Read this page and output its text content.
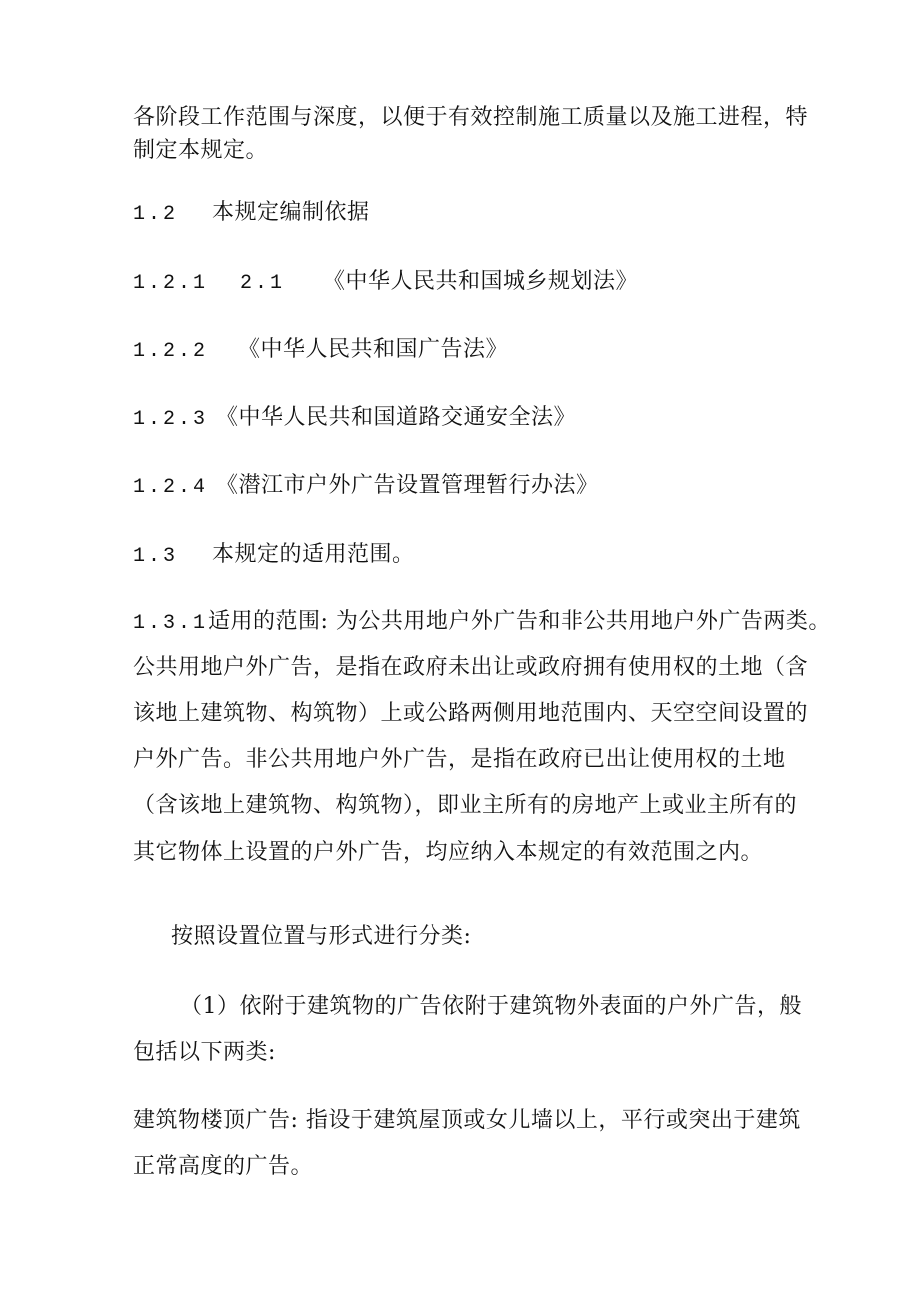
各阶段工作范围与深度，以便于有效控制施工质量以及施工进程，特
制定本规定。
1.2 本规定编制依据
1.2.1 2.1 《中华人民共和国城乡规划法》
1.2.2 《中华人民共和国广告法》
1.2.3 《中华人民共和国道路交通安全法》
1.2.4 《潜江市户外广告设置管理暂行办法》
1.3 本规定的适用范围。
1.3.1适用的范围: 为公共用地户外广告和非公共用地户外广告两类。
公共用地户外广告，是指在政府未出让或政府拥有使用权的土地（含
该地上建筑物、构筑物）上或公路两侧用地范围内、天空空间设置的
户外广告。非公共用地户外广告，是指在政府已出让使用权的土地
（含该地上建筑物、构筑物），即业主所有的房地产上或业主所有的
其它物体上设置的户外广告，均应纳入本规定的有效范围之内。
按照设置位置与形式进行分类:
（1）依附于建筑物的广告依附于建筑物外表面的户外广告，般
包括以下两类:
建筑物楼顶广告: 指设于建筑屋顶或女儿墙以上，平行或突出于建筑
正常高度的广告。
